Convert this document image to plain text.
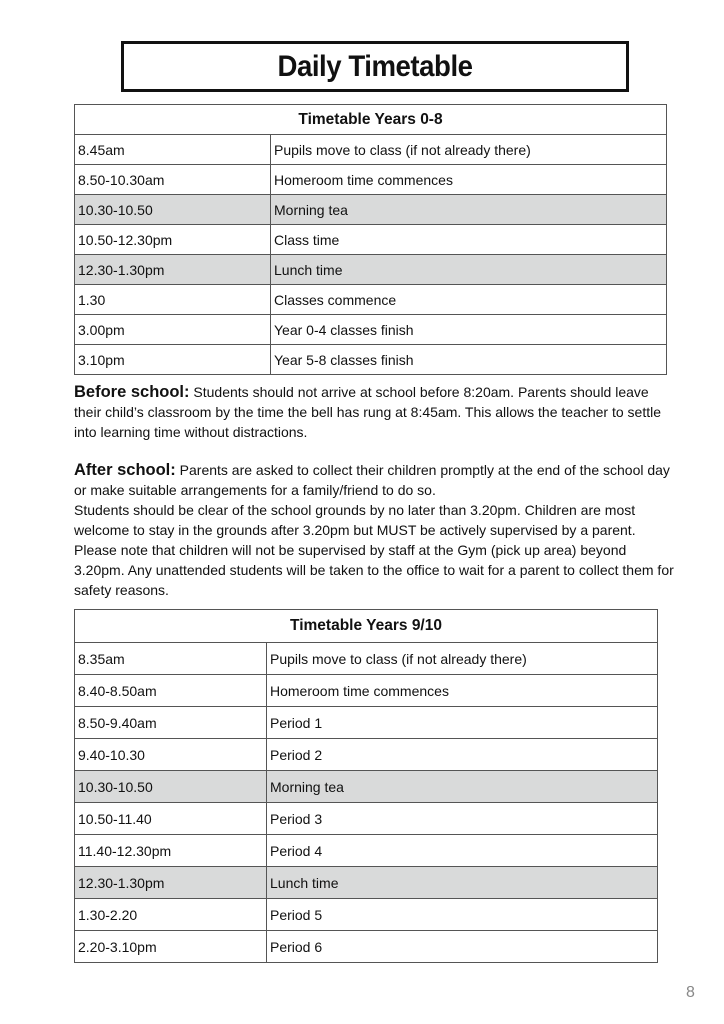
Daily Timetable
Timetable Years 0-8	
8.45am	Pupils move to class (if not already there)
8.50-10.30am	Homeroom time commences
10.30-10.50	Morning tea
10.50-12.30pm	Class time
12.30-1.30pm	Lunch time
1.30	Classes commence
3.00pm	Year 0-4 classes finish
3.10pm	Year 5-8 classes finish

Before school: Students should not arrive at school before 8:20am. Parents should leave their child’s classroom by the time the bell has rung at 8:45am. This allows the teacher to settle into learning time without distractions.

After school: Parents are asked to collect their children promptly at the end of the school day or make suitable arrangements for a family/friend to do so.
Students should be clear of the school grounds by no later than 3.20pm. Children are most welcome to stay in the grounds after 3.20pm but MUST be actively supervised by a parent. Please note that children will not be supervised by staff at the Gym (pick up area) beyond 3.20pm. Any unattended students will be taken to the office to wait for a parent to collect them for safety reasons.

Timetable Years 9/10	
8.35am	Pupils move to class (if not already there)
8.40-8.50am	Homeroom time commences
8.50-9.40am	Period 1
9.40-10.30	Period 2
10.30-10.50	Morning tea
10.50-11.40	Period 3
11.40-12.30pm	Period 4
12.30-1.30pm	Lunch time
1.30-2.20	Period 5
2.20-3.10pm	Period 6
8
